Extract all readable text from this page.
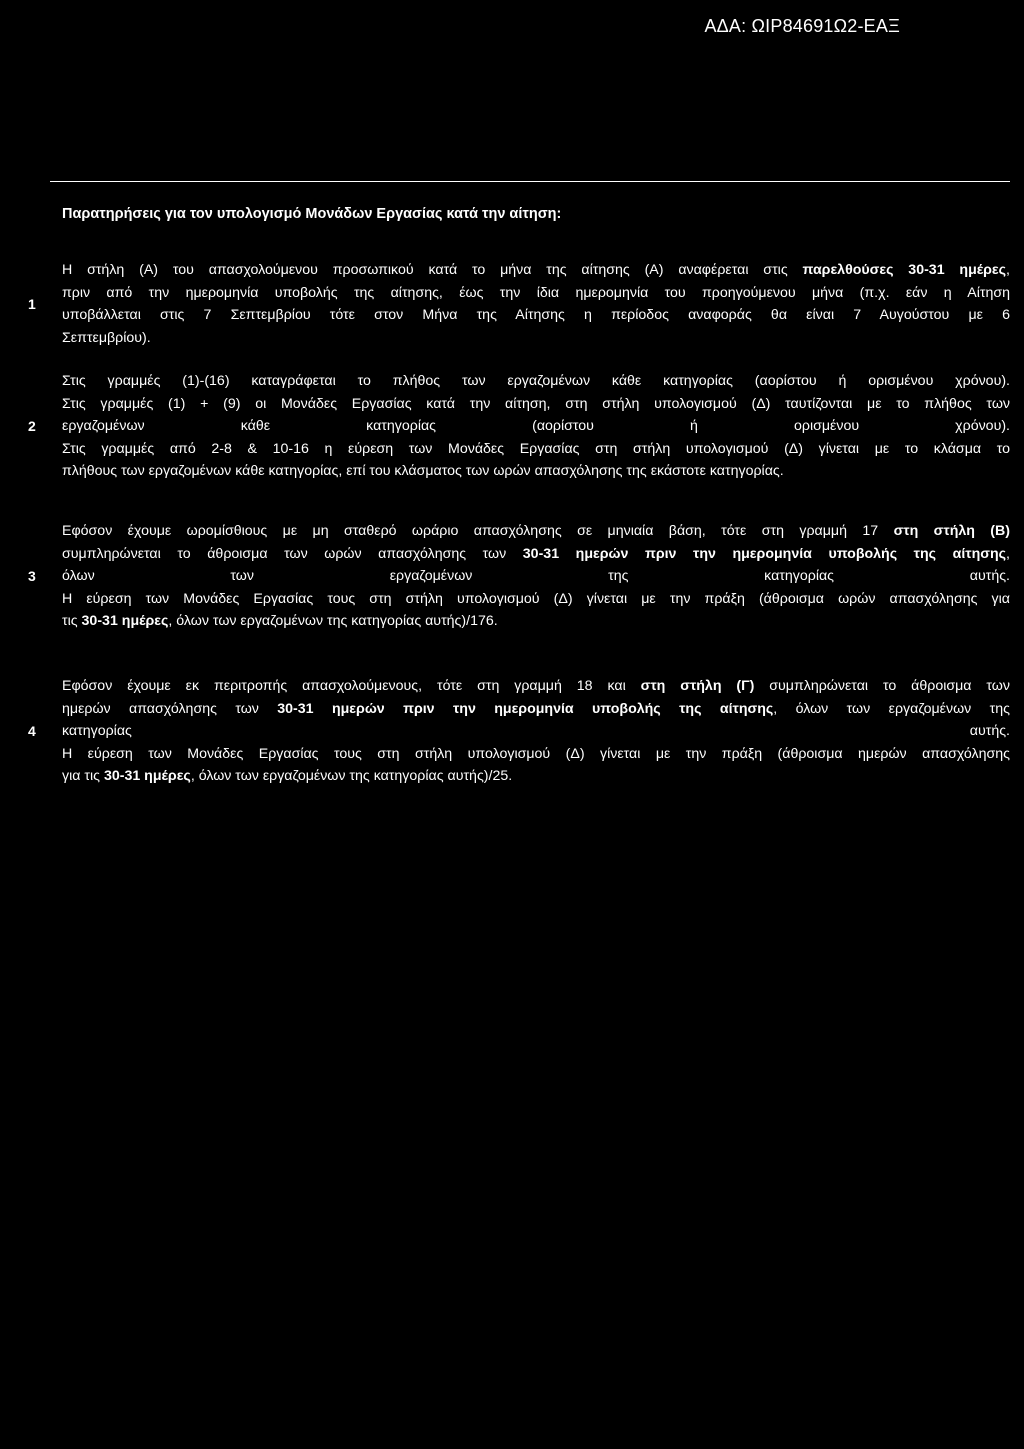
ΑΔΑ: ΩΙΡ84691Ω2-ΕΑΞ
Παρατηρήσεις για τον υπολογισμό Μονάδων Εργασίας κατά την αίτηση:
1
Η στήλη (Α) του απασχολούμενου προσωπικού κατά το μήνα της αίτησης (Α) αναφέρεται στις παρελθούσες 30-31 ημέρες,
πριν από την ημερομηνία υποβολής της αίτησης, έως την ίδια ημερομηνία του προηγούμενου μήνα (π.χ. εάν η Αίτηση
υποβάλλεται στις 7 Σεπτεμβρίου τότε στον Μήνα της Αίτησης η περίοδος αναφοράς θα είναι 7 Αυγούστου με 6
Σεπτεμβρίου).
2
Στις γραμμές (1)-(16) καταγράφεται το πλήθος των εργαζομένων κάθε κατηγορίας (αορίστου ή ορισμένου χρόνου).
Στις γραμμές (1) + (9) οι Μονάδες Εργασίας κατά την αίτηση, στη στήλη υπολογισμού (Δ) ταυτίζονται με το πλήθος των
εργαζομένων κάθε κατηγορίας (αορίστου ή ορισμένου χρόνου).
Στις γραμμές από 2-8 & 10-16 η εύρεση των Μονάδες Εργασίας στη στήλη υπολογισμού (Δ) γίνεται με το κλάσμα το
πλήθους των εργαζομένων κάθε κατηγορίας, επί του κλάσματος των ωρών απασχόλησης της εκάστοτε κατηγορίας.
3
Εφόσον έχουμε ωρομίσθιους με μη σταθερό ωράριο απασχόλησης σε μηνιαία βάση, τότε στη γραμμή 17 στη στήλη (Β)
συμπληρώνεται το άθροισμα των ωρών απασχόλησης των 30-31 ημερών πριν την ημερομηνία υποβολής της αίτησης,
όλων των εργαζομένων της κατηγορίας αυτής.
Η εύρεση των Μονάδες Εργασίας τους στη στήλη υπολογισμού (Δ) γίνεται με την πράξη (άθροισμα ωρών απασχόλησης για
τις 30-31 ημέρες, όλων των εργαζομένων της κατηγορίας αυτής)/176.
4
Εφόσον έχουμε εκ περιτροπής απασχολούμενους, τότε στη γραμμή 18 και στη στήλη (Γ) συμπληρώνεται το άθροισμα των
ημερών απασχόλησης των 30-31 ημερών πριν την ημερομηνία υποβολής της αίτησης, όλων των εργαζομένων της
κατηγορίας αυτής.
Η εύρεση των Μονάδες Εργασίας τους στη στήλη υπολογισμού (Δ) γίνεται με την πράξη (άθροισμα ημερών απασχόλησης
για τις 30-31 ημέρες, όλων των εργαζομένων της κατηγορίας αυτής)/25.
